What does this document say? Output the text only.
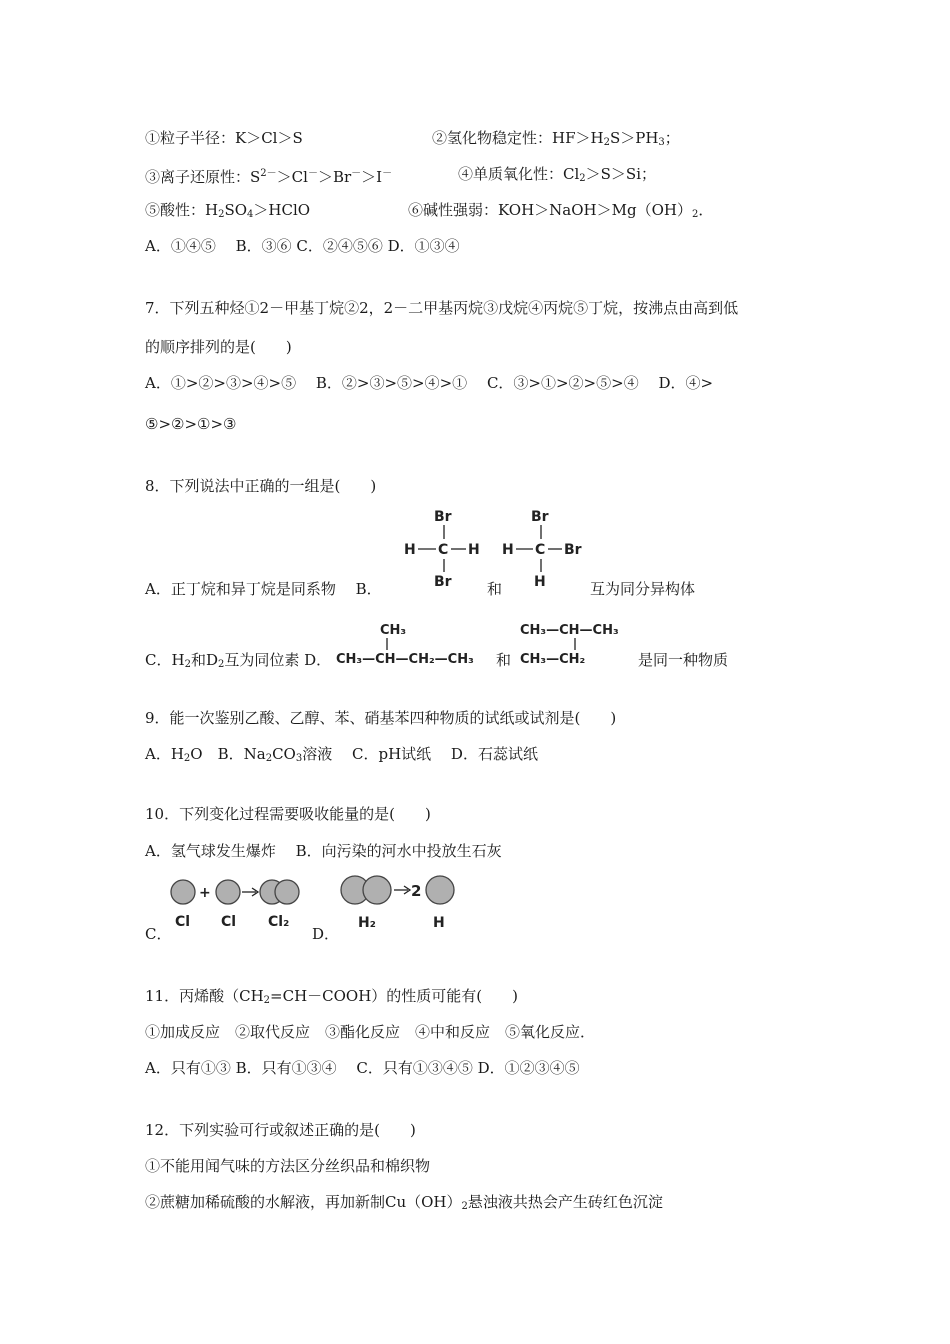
①粒子半径：K＞Cl＞S	②氢化物稳定性：HF＞H2S＞PH3；
③离子还原性：$S^{2-}>Cl^->Br^->I^-$	④单质氧化性：Cl2＞S＞Si；
⑤酸性：H2SO4＞HClO	⑥碱性强弱：KOH＞NaOH＞Mg（OH）2．
A．①④⑤　 B．③⑥ C．②④⑤⑥ D．①③④
7．下列五种烃①2－甲基丁烷②2，2－二甲基丙烷③戊烷④丙烷⑤丁烷，按沸点由高到低
的顺序排列的是(　　)
A．①>②>③>④>⑤　 B．②>③>⑤>④>①　 C．③>①>②>⑤>④　 D．④>
⑤>②>①>③
8．下列说法中正确的一组是(　　)
Br
H C H
Br
Br
H C Br
H
A．正丁烷和异丁烷是同系物　 B．	和	互为同分异构体
CH₃
CH₃—CH—CH₂—CH₃
CH₃—CH—CH₃
CH₃—CH₂
C．H2和D2互为同位素 D．	和	是同一种物质
9．能一次鉴别乙酸、乙醇、苯、硝基苯四种物质的试纸或试剂是(　　)
A．H2O　B．Na2CO3溶液　 C．pH试纸　 D．石蕊试纸
10．下列变化过程需要吸收能量的是(　　)
A．氢气球发生爆炸　 B．向污染的河水中投放生石灰
+
Cl Cl Cl₂
2
H₂	H
C．	D．
11．丙烯酸（CH2=CH－COOH）的性质可能有(　　)
①加成反应　②取代反应　③酯化反应　④中和反应　⑤氧化反应．
A．只有①③ B．只有①③④　 C．只有①③④⑤ D．①②③④⑤
12．下列实验可行或叙述正确的是(　　)
①不能用闻气味的方法区分丝织品和棉织物
②蔗糖加稀硫酸的水解液，再加新制Cu（OH）2悬浊液共热会产生砖红色沉淀
